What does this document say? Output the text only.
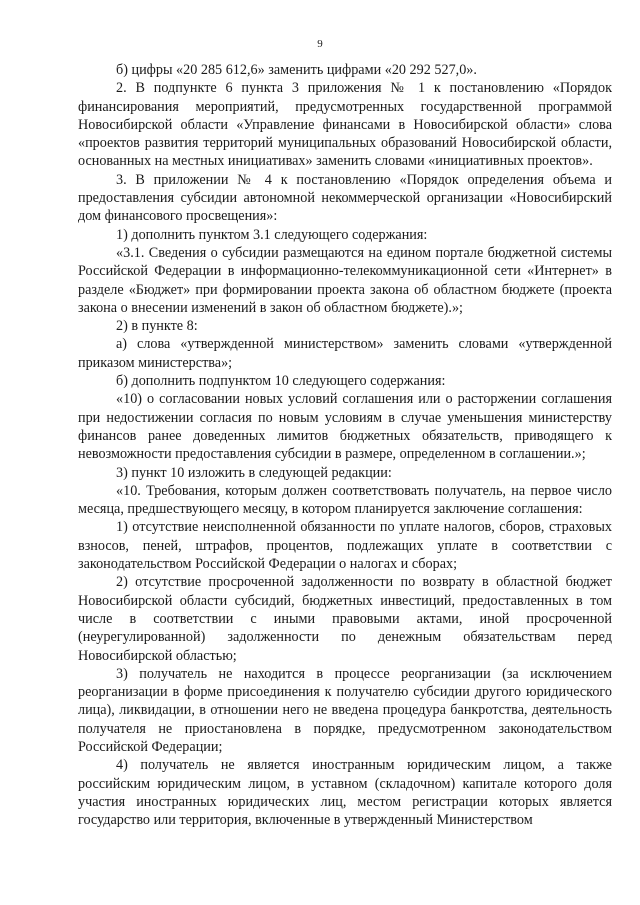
9

б) цифры «20 285 612,6» заменить цифрами «20 292 527,0».

2. В подпункте 6 пункта 3 приложения № 1 к постановлению «Порядок финансирования мероприятий, предусмотренных государственной программой Новосибирской области «Управление финансами в Новосибирской области» слова «проектов развития территорий муниципальных образований Новосибирской области, основанных на местных инициативах» заменить словами «инициативных проектов».

3. В приложении № 4 к постановлению «Порядок определения объема и предоставления субсидии автономной некоммерческой организации «Новосибирский дом финансового просвещения»:

1) дополнить пунктом 3.1 следующего содержания:

«3.1. Сведения о субсидии размещаются на едином портале бюджетной системы Российской Федерации в информационно-телекоммуникационной сети «Интернет» в разделе «Бюджет» при формировании проекта закона об областном бюджете (проекта закона о внесении изменений в закон об областном бюджете).»;

2) в пункте 8:

а) слова «утвержденной министерством» заменить словами «утвержденной приказом министерства»;

б) дополнить подпунктом 10 следующего содержания:

«10) о согласовании новых условий соглашения или о расторжении соглашения при недостижении согласия по новым условиям в случае уменьшения министерству финансов ранее доведенных лимитов бюджетных обязательств, приводящего к невозможности предоставления субсидии в размере, определенном в соглашении.»;

3) пункт 10 изложить в следующей редакции:

«10. Требования, которым должен соответствовать получатель, на первое число месяца, предшествующего месяцу, в котором планируется заключение соглашения:

1) отсутствие неисполненной обязанности по уплате налогов, сборов, страховых взносов, пеней, штрафов, процентов, подлежащих уплате в соответствии с законодательством Российской Федерации о налогах и сборах;

2) отсутствие просроченной задолженности по возврату в областной бюджет Новосибирской области субсидий, бюджетных инвестиций, предоставленных в том числе в соответствии с иными правовыми актами, иной просроченной (неурегулированной) задолженности по денежным обязательствам перед Новосибирской областью;

3) получатель не находится в процессе реорганизации (за исключением реорганизации в форме присоединения к получателю субсидии другого юридического лица), ликвидации, в отношении него не введена процедура банкротства, деятельность получателя не приостановлена в порядке, предусмотренном законодательством Российской Федерации;

4) получатель не является иностранным юридическим лицом, а также российским юридическим лицом, в уставном (складочном) капитале которого доля участия иностранных юридических лиц, местом регистрации которых является государство или территория, включенные в утвержденный Министерством
